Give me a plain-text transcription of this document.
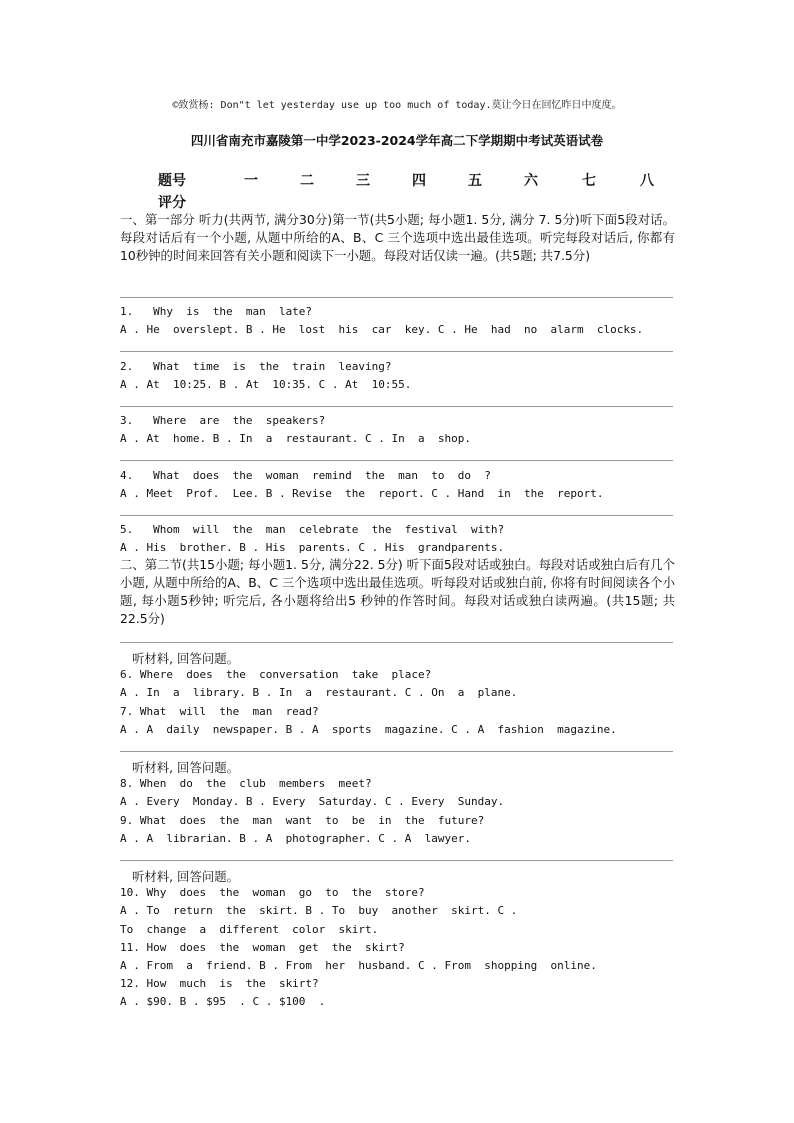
©致赏杨: Don"t let yesterday use up too much of today.莫让今日在回忆昨日中度度。
四川省南充市嘉陵第一中学2023-2024学年高二下学期期中考试英语试卷
题号	一	二	三	四	五	六	七	八
评分

一、第一部分 听力(共两节, 满分30分)第一节(共5小题; 每小题1. 5分, 满分 7. 5分)听下面5段对话。每段对话后有一个小题, 从题中所给的A、B、C 三个选项中选出最佳选项。听完每段对话后, 你都有10秒钟的时间来回答有关小题和阅读下一小题。每段对话仅读一遍。(共5题; 共7.5分)

1.   Why  is  the  man  late?
A . He  overslept. B . He  lost  his  car  key. C . He  had  no  alarm  clocks.
2.   What  time  is  the  train  leaving?
A . At  10:25. B . At  10:35. C . At  10:55.
3.   Where  are  the  speakers?
A . At  home. B . In  a  restaurant. C . In  a  shop.
4.   What  does  the  woman  remind  the  man  to  do  ?
A . Meet  Prof.  Lee. B . Revise  the  report. C . Hand  in  the  report.
5.   Whom  will  the  man  celebrate  the  festival  with?
A . His  brother. B . His  parents. C . His  grandparents.

二、第二节(共15小题; 每小题1. 5分, 满分22. 5分) 听下面5段对话或独白。每段对话或独白后有几个小题, 从题中所给的A、B、C 三个选项中选出最佳选项。听每段对话或独白前, 你将有时间阅读各个小题, 每小题5秒钟; 听完后, 各小题将给出5 秒钟的作答时间。每段对话或独白读两遍。(共15题; 共22.5分)

听材料, 回答问题。

6. Where  does  the  conversation  take  place?
A . In  a  library. B . In  a  restaurant. C . On  a  plane.
7. What  will  the  man  read?
A . A  daily  newspaper. B . A  sports  magazine. C . A  fashion  magazine.

听材料, 回答问题。

8. When  do  the  club  members  meet?
A . Every  Monday. B . Every  Saturday. C . Every  Sunday.
9. What  does  the  man  want  to  be  in  the  future?
A . A  librarian. B . A  photographer. C . A  lawyer.

听材料, 回答问题。

10. Why  does  the  woman  go  to  the  store?
A . To  return  the  skirt. B . To  buy  another  skirt. C .
To  change  a  different  color  skirt.
11. How  does  the  woman  get  the  skirt?
A . From  a  friend. B . From  her  husband. C . From  shopping  online.
12. How  much  is  the  skirt?
A . $90. B . $95  . C . $100  .
